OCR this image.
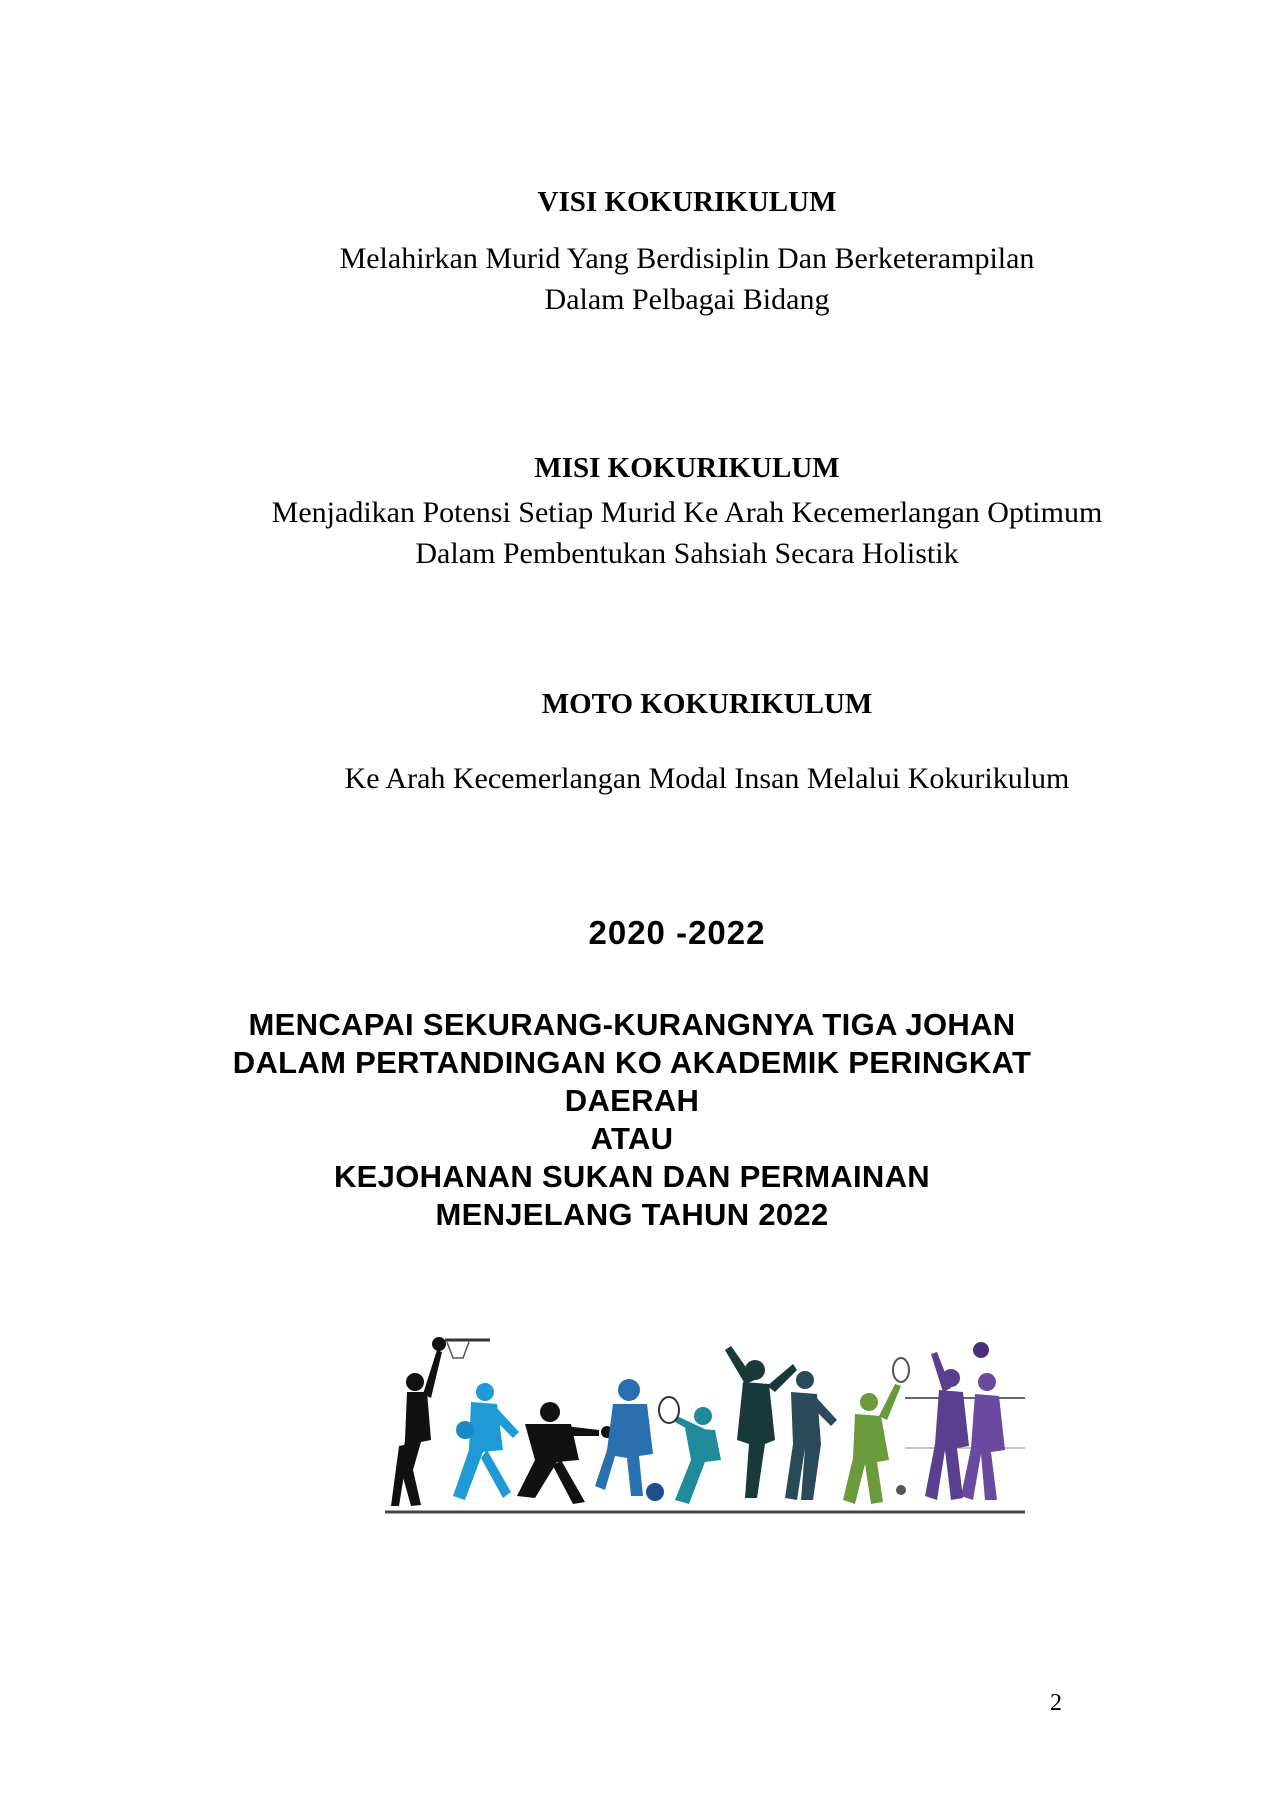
VISI KOKURIKULUM
Melahirkan Murid Yang Berdisiplin Dan Berketerampilan
Dalam Pelbagai Bidang
MISI KOKURIKULUM
Menjadikan Potensi Setiap Murid Ke Arah Kecemerlangan Optimum
Dalam Pembentukan Sahsiah Secara Holistik
MOTO KOKURIKULUM
Ke Arah Kecemerlangan Modal Insan Melalui Kokurikulum
2020 -2022
MENCAPAI SEKURANG-KURANGNYA TIGA JOHAN
DALAM PERTANDINGAN KO AKADEMIK PERINGKAT
DAERAH
ATAU
KEJOHANAN SUKAN DAN PERMAINAN
MENJELANG TAHUN 2022
2
